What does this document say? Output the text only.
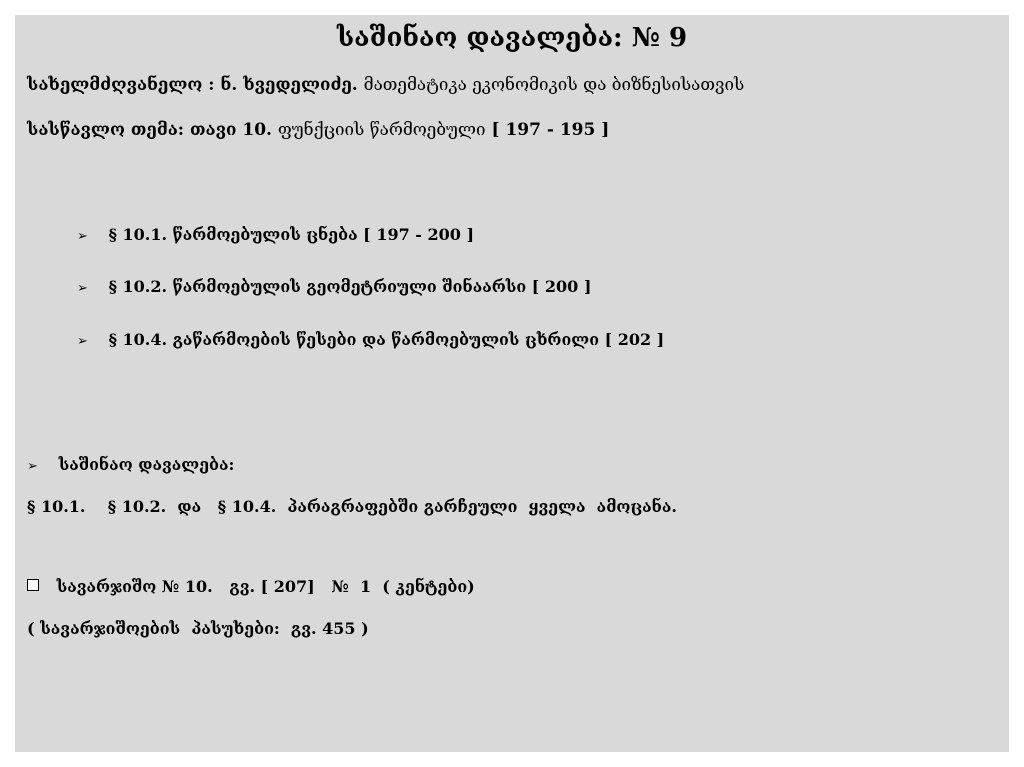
საშინაო დავალება: № 9
სახელმძღვანელო : ნ. ხვედელიძე. მათემატიკა ეკონომიკის და ბიზნესისათვის
სასწავლო თემა: თავი 10. ფუნქციის წარმოებული [ 197 - 195 ]
➢ § 10.1. წარმოებულის ცნება [ 197 - 200 ]
➢ § 10.2. წარმოებულის გეომეტრიული შინაარსი [ 200 ]
➢ § 10.4. გაწარმოების წესები და წარმოებულის ცხრილი [ 202 ]
➢ საშინაო დავალება:
§ 10.1.    § 10.2.  და   § 10.4.  პარაგრაფებში გარჩეული  ყველა  ამოცანა.
სავარჯიშო № 10.   გვ. [ 207]   №  1  ( კენტები)
( სავარჯიშოების  პასუხები:  გვ. 455 )
